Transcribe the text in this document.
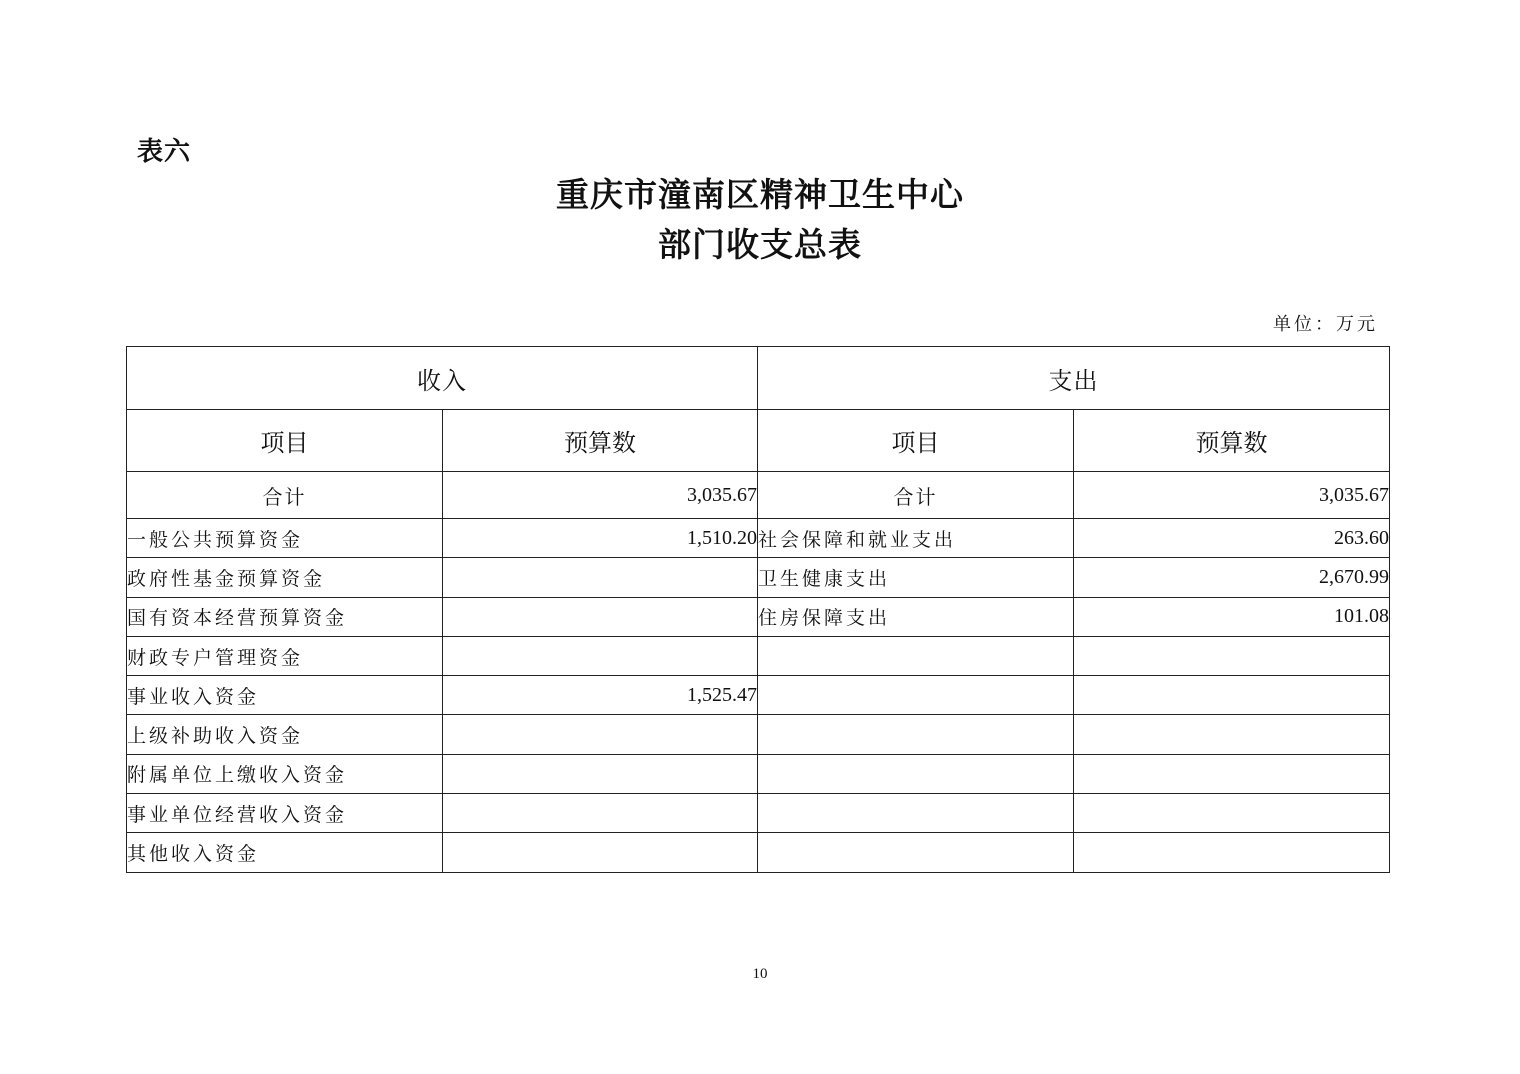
表六
重庆市潼南区精神卫生中心
部门收支总表
单位：万元
收入		支出	
项目	预算数	项目	预算数
合计	3,035.67	合计	3,035.67
一般公共预算资金	1,510.20	社会保障和就业支出	263.60
政府性基金预算资金		卫生健康支出	2,670.99
国有资本经营预算资金		住房保障支出	101.08
财政专户管理资金			
事业收入资金	1,525.47		
上级补助收入资金			
附属单位上缴收入资金			
事业单位经营收入资金			
其他收入资金			
10
